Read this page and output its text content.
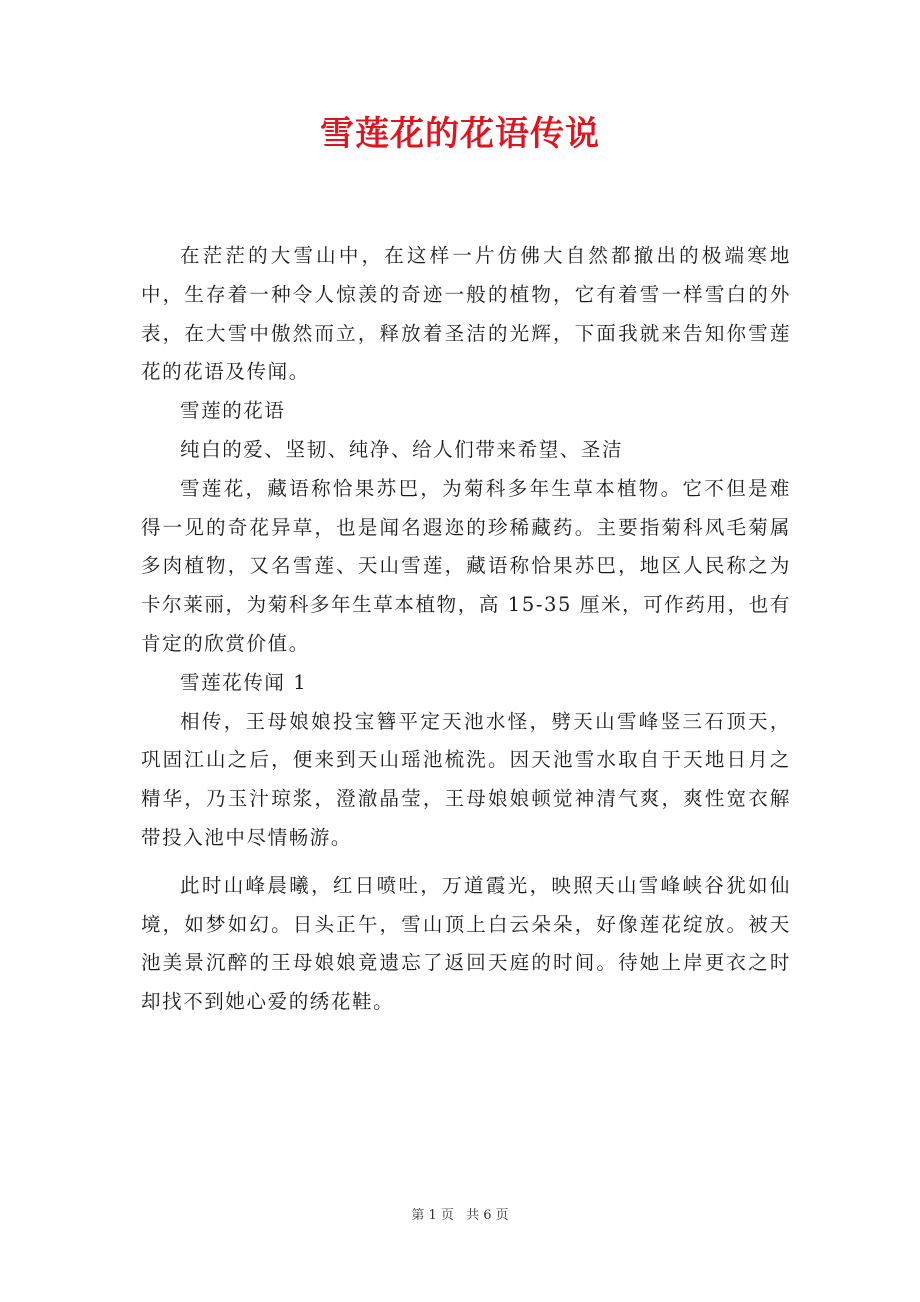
雪莲花的花语传说

在茫茫的大雪山中，在这样一片仿佛大自然都撤出的极端寒地中，生存着一种令人惊羡的奇迹一般的植物，它有着雪一样雪白的外表，在大雪中傲然而立，释放着圣洁的光辉，下面我就来告知你雪莲花的花语及传闻。

雪莲的花语

纯白的爱、坚韧、纯净、给人们带来希望、圣洁

雪莲花，藏语称恰果苏巴，为菊科多年生草本植物。它不但是难得一见的奇花异草，也是闻名遐迩的珍稀藏药。主要指菊科风毛菊属多肉植物，又名雪莲、天山雪莲，藏语称恰果苏巴，地区人民称之为卡尔莱丽，为菊科多年生草本植物，高 15-35 厘米，可作药用，也有肯定的欣赏价值。

雪莲花传闻 1

相传，王母娘娘投宝簪平定天池水怪，劈天山雪峰竖三石顶天，巩固江山之后，便来到天山瑶池梳洗。因天池雪水取自于天地日月之精华，乃玉汁琼浆，澄澈晶莹，王母娘娘顿觉神清气爽，爽性宽衣解带投入池中尽情畅游。

此时山峰晨曦，红日喷吐，万道霞光，映照天山雪峰峡谷犹如仙境，如梦如幻。日头正午，雪山顶上白云朵朵，好像莲花绽放。被天池美景沉醉的王母娘娘竟遗忘了返回天庭的时间。待她上岸更衣之时却找不到她心爱的绣花鞋。

第 1 页 共 6 页
